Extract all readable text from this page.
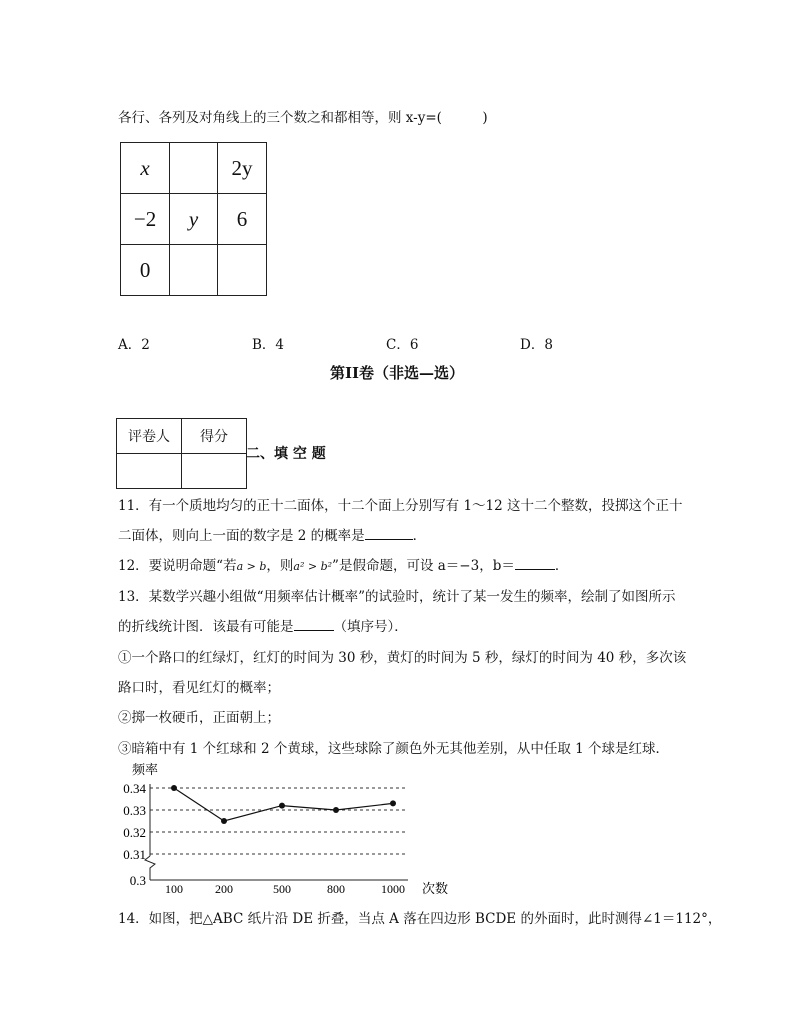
各行、各列及对角线上的三个数之和都相等，则 x-y=(　　　)
x		2y
−2	y	6
0		
A．2	B．4	C．6	D．8
第II卷（非选—选）
评卷人	得分

二、填 空 题
11．有一个质地均匀的正十二面体，十二个面上分别写有 1～12 这十二个整数，投掷这个正十
二面体，则向上一面的数字是 2 的概率是	．
12．要说明命题“若a > b，则a² > b²”是假命题，可设 a＝−3，b＝	．
13．某数学兴趣小组做“用频率估计概率”的试验时，统计了某一发生的频率，绘制了如图所示
的折线统计图．该最有可能是	（填序号）．
①一个路口的红绿灯，红灯的时间为 30 秒，黄灯的时间为 5 秒，绿灯的时间为 40 秒，多次该
路口时，看见红灯的概率；
②掷一枚硬币，正面朝上；
③暗箱中有 1 个红球和 2 个黄球，这些球除了颜色外无其他差别，从中任取 1 个球是红球．
频率
0.34
0.33
0.32
0.31
0.3
100	200	500	800	1000 次数
14．如图，把△ABC 纸片沿 DE 折叠，当点 A 落在四边形 BCDE 的外面时，此时测得∠1＝112°，
